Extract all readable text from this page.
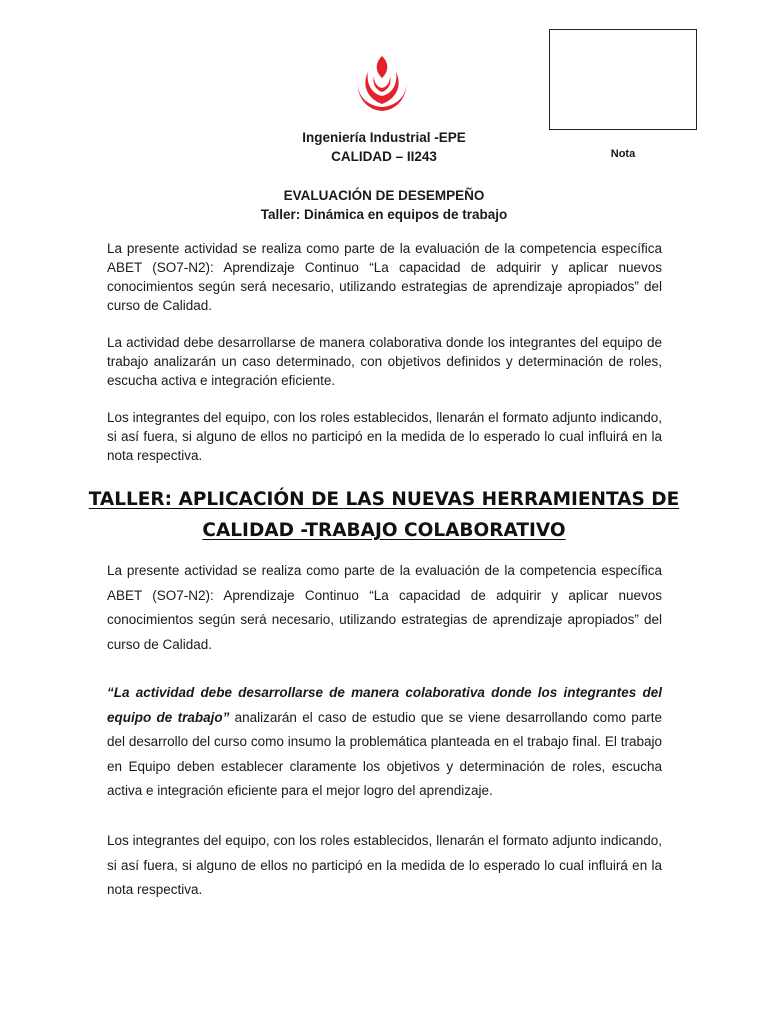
Nota
Ingeniería Industrial -EPE
CALIDAD – II243
EVALUACIÓN DE DESEMPEÑO
Taller: Dinámica en equipos de trabajo

La presente actividad se realiza como parte de la evaluación de la competencia específica ABET (SO7-N2): Aprendizaje Continuo “La capacidad de adquirir y aplicar nuevos conocimientos según será necesario, utilizando estrategias de aprendizaje apropiados” del curso de Calidad.

La actividad debe desarrollarse de manera colaborativa donde los integrantes del equipo de trabajo analizarán un caso determinado, con objetivos definidos y determinación de roles, escucha activa e integración eficiente.

Los integrantes del equipo, con los roles establecidos, llenarán el formato adjunto indicando, si así fuera, si alguno de ellos no participó en la medida de lo esperado lo cual influirá en la nota respectiva.

TALLER: APLICACIÓN DE LAS NUEVAS HERRAMIENTAS DE
CALIDAD -TRABAJO COLABORATIVO

La presente actividad se realiza como parte de la evaluación de la competencia específica ABET (SO7-N2): Aprendizaje Continuo “La capacidad de adquirir y aplicar nuevos conocimientos según será necesario, utilizando estrategias de aprendizaje apropiados” del curso de Calidad.

“La actividad debe desarrollarse de manera colaborativa donde los integrantes del equipo de trabajo” analizarán el caso de estudio que se viene desarrollando como parte del desarrollo del curso como insumo la problemática planteada en el trabajo final. El trabajo en Equipo deben establecer claramente los objetivos y determinación de roles, escucha activa e integración eficiente para el mejor logro del aprendizaje.

Los integrantes del equipo, con los roles establecidos, llenarán el formato adjunto indicando, si así fuera, si alguno de ellos no participó en la medida de lo esperado lo cual influirá en la nota respectiva.
